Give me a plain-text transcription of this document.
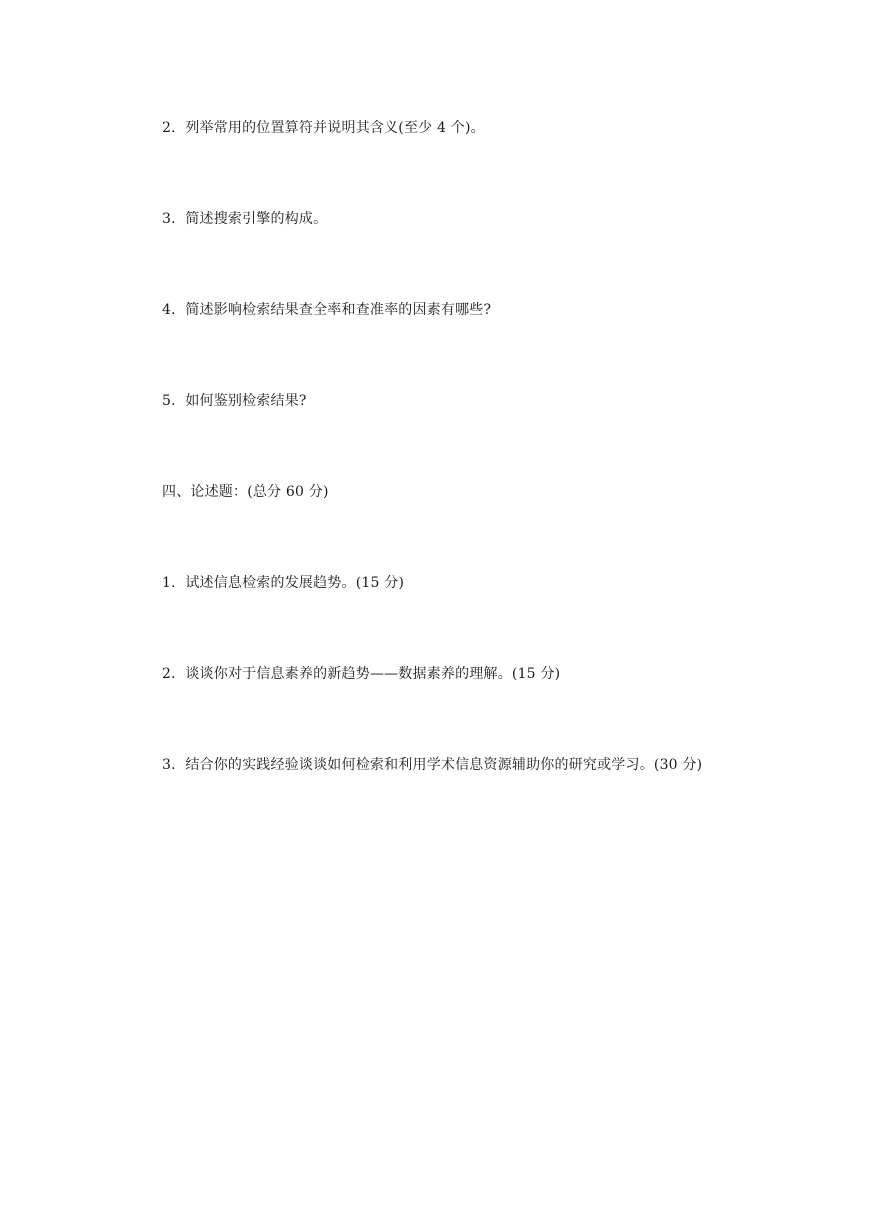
2．列举常用的位置算符并说明其含义(至少 4 个)。
3．简述搜索引擎的构成。
4．简述影响检索结果查全率和查准率的因素有哪些?
5．如何鉴别检索结果?
四、论述题：(总分 60 分)
1．试述信息检索的发展趋势。(15 分)
2．谈谈你对于信息素养的新趋势——数据素养的理解。(15 分)
3．结合你的实践经验谈谈如何检索和利用学术信息资源辅助你的研究或学习。(30 分)
